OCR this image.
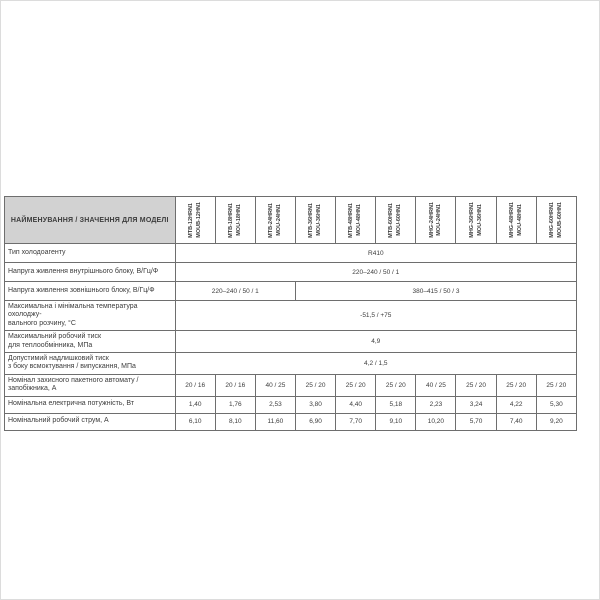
НАЙМЕНУВАННЯ / ЗНАЧЕННЯ ДЛЯ МОДЕЛІ	MTB-12HRN1 MOUB-12HN1	MTB-18HRN1 MOU-18HN1	MTB-24HRN1 MOU-24HN1	MTB-36HRN1 MOU-36HN1	MTB-48HRN1 MOU-48HN1	MTB-60HRN1 MOU-60HN1	MHG-24HRN1 MOU-24HN1	MHG-36HRN1 MOU-36HN1	MHG-48HRN1 MOU-48HN1	MHG-60HRN1 MOUB-60HN1

Тип холодоагенту	R410									
Напруга живлення внутрішнього блоку, В/Гц/Ф	220–240 / 50 / 1									
Напруга живлення зовнішнього блоку, В/Гц/Ф	220–240 / 50 / 1			380–415 / 50 / 3						
Максимальна і мінімальна температура охолоджу-
вального розчину, °С	-51,5 / +75									
Максимальний робочий тиск
для теплообмінника, МПа	4,9									
Допустимий надлишковий тиск
з боку всмоктування / випускання, МПа	4,2 / 1,5									
Номінал захисного пакетного автомату / запобіжника, А	20 / 16	20 / 16	40 / 25	25 / 20	25 / 20	25 / 20	40 / 25	25 / 20	25 / 20	25 / 20
Номінальна електрична потужність, Вт	1,40	1,76	2,53	3,80	4,40	5,18	2,23	3,24	4,22	5,30
Номінальний робочий струм, А	6,10	8,10	11,60	6,90	7,70	9,10	10,20	5,70	7,40	9,20
